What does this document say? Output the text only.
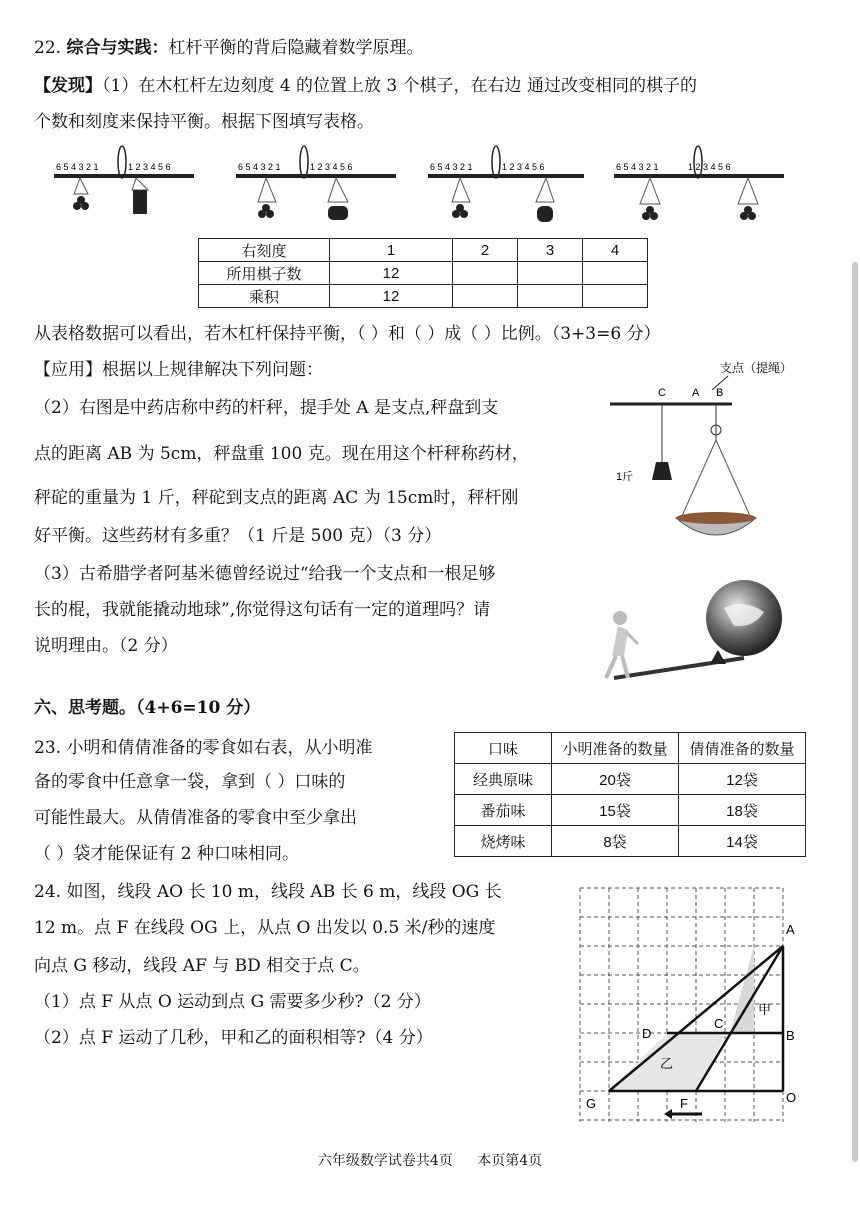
22. 综合与实践：杠杆平衡的背后隐藏着数学原理。
【发现】（1）在木杠杆左边刻度 4 的位置上放 3 个棋子，在右边 通过改变相同的棋子的
个数和刻度来保持平衡。根据下图填写表格。
6 5 4 3 2 1	1 2 3 4 5 6	6 5 4 3 2 1	1 2 3 4 5 6	6 5 4 3 2 1	1 2 3 4 5 6	6 5 4 3 2 1	1 2 3 4 5 6
右刻度	1	2	3	4
所用棋子数	12			
乘积	12			
从表格数据可以看出，若木杠杆保持平衡，（ ）和（ ）成（ ）比例。（3+3=6 分）
【应用】根据以上规律解决下列问题：
（2）右图是中药店称中药的杆秤，提手处 A 是支点,秤盘到支
点的距离 AB 为 5cm，秤盘重 100 克。现在用这个杆秤称药材，
秤砣的重量为 1 斤，秤砣到支点的距离 AC 为 15cm时，秤杆刚
好平衡。这些药材有多重？（1 斤是 500 克）（3 分）
（3）古希腊学者阿基米德曾经说过“给我一个支点和一根足够
长的棍，我就能撬动地球”,你觉得这句话有一定的道理吗？请
说明理由。（2 分）
支点（提绳）
C A B
1斤
六、思考题。（4+6=10 分）
23. 小明和倩倩准备的零食如右表，从小明准
备的零食中任意拿一袋，拿到（ ）口味的
可能性最大。从倩倩准备的零食中至少拿出
（ ）袋才能保证有 2 种口味相同。
口味	小明准备的数量	倩倩准备的数量
经典原味	20袋	12袋
番茄味	15袋	18袋
烧烤味	8袋	14袋
24. 如图，线段 AO 长 10 m，线段 AB 长 6 m，线段 OG 长
12 m。点 F 在线段 OG 上，从点 O 出发以 0.5 米/秒的速度
向点 G 移动，线段 AF 与 BD 相交于点 C。
（1）点 F 从点 O 运动到点 G 需要多少秒?（2 分）
（2）点 F 运动了几秒，甲和乙的面积相等?（4 分）
A
B
C
D
G	F	O
甲
乙
六年级数学试卷共4页 本页第4页
